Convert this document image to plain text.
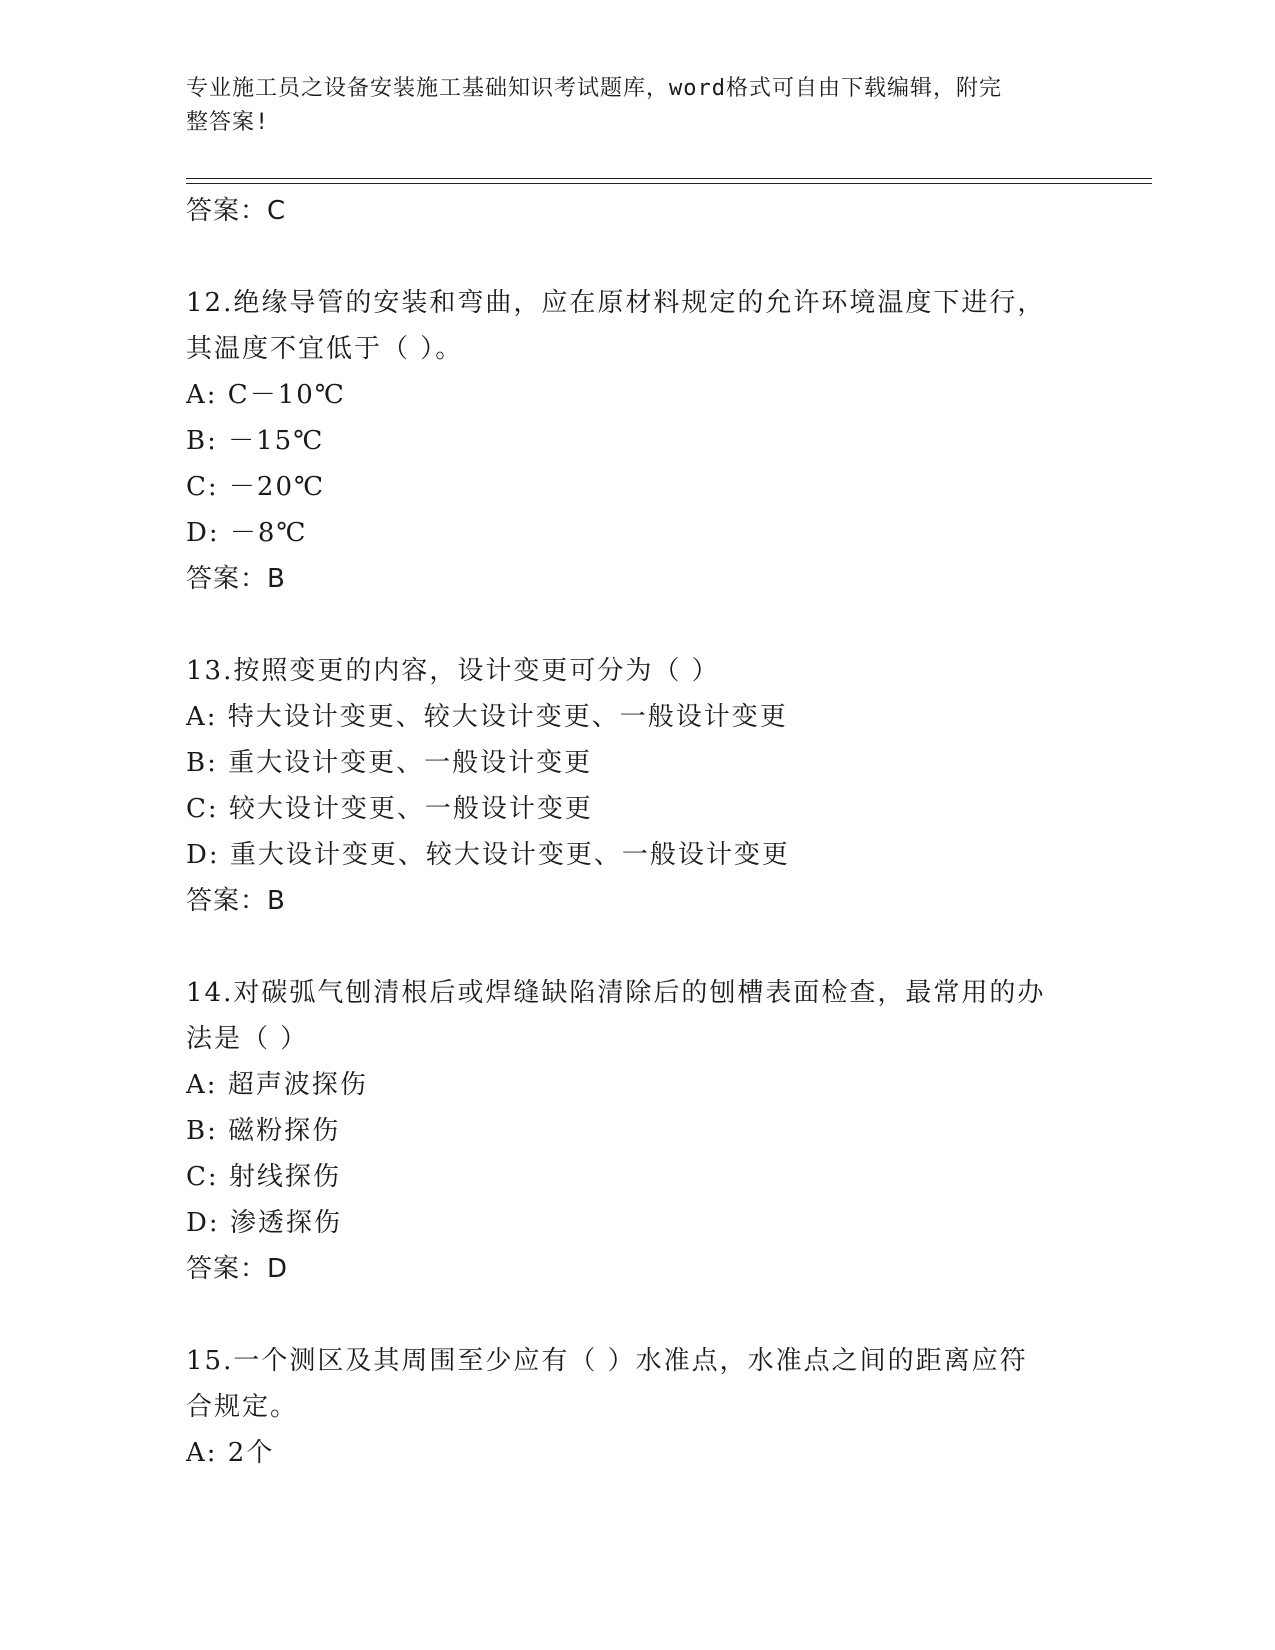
专业施工员之设备安装施工基础知识考试题库，word格式可自由下载编辑，附完
整答案!
答案：C
12.绝缘导管的安装和弯曲，应在原材料规定的允许环境温度下进行，
其温度不宜低于（ ）。
A: C－10℃
B: －15℃
C: －20℃
D: －8℃
答案：B
13.按照变更的内容，设计变更可分为（ ）
A: 特大设计变更、较大设计变更、一般设计变更
B: 重大设计变更、一般设计变更
C: 较大设计变更、一般设计变更
D: 重大设计变更、较大设计变更、一般设计变更
答案：B
14.对碳弧气刨清根后或焊缝缺陷清除后的刨槽表面检查，最常用的办
法是（ ）
A: 超声波探伤
B: 磁粉探伤
C: 射线探伤
D: 渗透探伤
答案：D
15.一个测区及其周围至少应有（ ）水准点，水准点之间的距离应符
合规定。
A: 2个
